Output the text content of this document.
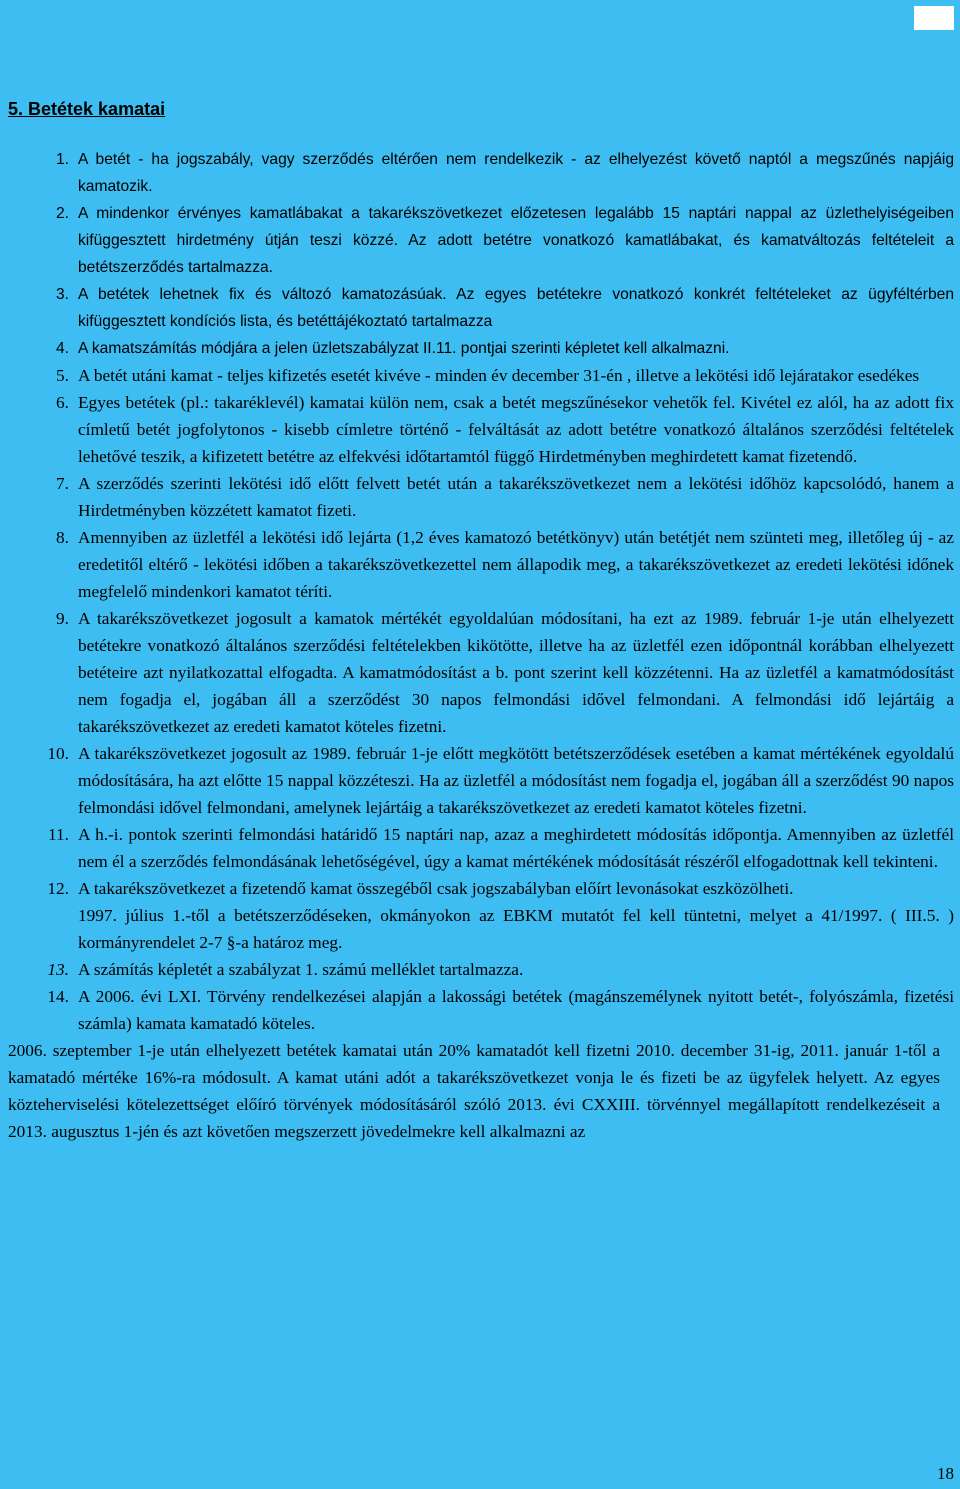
5. Betétek kamatai
1. A betét - ha jogszabály, vagy szerződés eltérően nem rendelkezik - az elhelyezést követő naptól a megszűnés napjáig kamatozik.
2. A mindenkor érvényes kamatlábakat a takarékszövetkezet előzetesen legalább 15 naptári nappal az üzlethelyiségeiben kifüggesztett hirdetmény útján teszi közzé. Az adott betétre vonatkozó kamatlábakat, és kamatváltozás feltételeit a betétszerződés tartalmazza.
3. A betétek lehetnek fix és változó kamatozásúak. Az egyes betétekre vonatkozó konkrét feltételeket az ügyféltérben kifüggesztett kondíciós lista, és betéttájékoztató tartalmazza
4. A kamatszámítás módjára a jelen üzletszabályzat II.11. pontjai szerinti képletet kell alkalmazni.
5. A betét utáni kamat - teljes kifizetés esetét kivéve - minden év december 31-én , illetve a lekötési idő lejáratakor esedékes
6. Egyes betétek (pl.: takaréklevél) kamatai külön nem, csak a betét megszűnésekor vehetők fel. Kivétel ez alól, ha az adott fix címletű betét jogfolytonos - kisebb címletre történő - felváltását az adott betétre vonatkozó általános szerződési feltételek lehetővé teszik, a kifizetett betétre az elfekvési időtartamtól függő Hirdetményben meghirdetett kamat fizetendő.
7. A szerződés szerinti lekötési idő előtt felvett betét után a takarékszövetkezet nem a lekötési időhöz kapcsolódó, hanem a Hirdetményben közzétett kamatot fizeti.
8. Amennyiben az üzletfél a lekötési idő lejárta (1,2 éves kamatozó betétkönyv) után betétjét nem szünteti meg, illetőleg új - az eredetitől eltérő - lekötési időben a takarékszövetkezettel nem állapodik meg, a takarékszövetkezet az eredeti lekötési időnek megfelelő mindenkori kamatot téríti.
9. A takarékszövetkezet jogosult a kamatok mértékét egyoldalúan módosítani, ha ezt az 1989. február 1-je után elhelyezett betétekre vonatkozó általános szerződési feltételekben kikötötte, illetve ha az üzletfél ezen időpontnál korábban elhelyezett betéteire azt nyilatkozattal elfogadta. A kamatmódosítást a b. pont szerint kell közzétenni. Ha az üzletfél a kamatmódosítást nem fogadja el, jogában áll a szerződést 30 napos felmondási idővel felmondani. A felmondási idő lejártáig a takarékszövetkezet az eredeti kamatot köteles fizetni.
10. A takarékszövetkezet jogosult az 1989. február 1-je előtt megkötött betétszerződések esetében a kamat mértékének egyoldalú módosítására, ha azt előtte 15 nappal közzéteszi. Ha az üzletfél a módosítást nem fogadja el, jogában áll a szerződést 90 napos felmondási idővel felmondani, amelynek lejártáig a takarékszövetkezet az eredeti kamatot köteles fizetni.
11. A h.-i. pontok szerinti felmondási határidő 15 naptári nap, azaz a meghirdetett módosítás időpontja. Amennyiben az üzletfél nem él a szerződés felmondásának lehetőségével, úgy a kamat mértékének módosítását részéről elfogadottnak kell tekinteni.
12. A takarékszövetkezet a fizetendő kamat összegéből csak jogszabályban előírt levonásokat eszközölheti.
1997. július 1.-től a betétszerződéseken, okmányokon az EBKM mutatót fel kell tüntetni, melyet a 41/1997. ( III.5. ) kormányrendelet 2-7 §-a határoz meg.
13. A számítás képletét a szabályzat 1. számú melléklet tartalmazza.
14. A 2006. évi LXI. Törvény rendelkezései alapján a lakossági betétek (magánszemélynek nyitott betét-, folyószámla, fizetési számla) kamata kamatadó köteles.
2006. szeptember 1-je után elhelyezett betétek kamatai után 20% kamatadót kell fizetni 2010. december 31-ig, 2011. január 1-től a kamatadó mértéke 16%-ra módosult. A kamat utáni adót a takarékszövetkezet vonja le és fizeti be az ügyfelek helyett. Az egyes közteherviselési kötelezettséget előíró törvények módosításáról szóló 2013. évi CXXIII. törvénnyel megállapított rendelkezéseit a 2013. augusztus 1-jén és azt követően megszerzett jövedelmekre kell alkalmazni az
18
